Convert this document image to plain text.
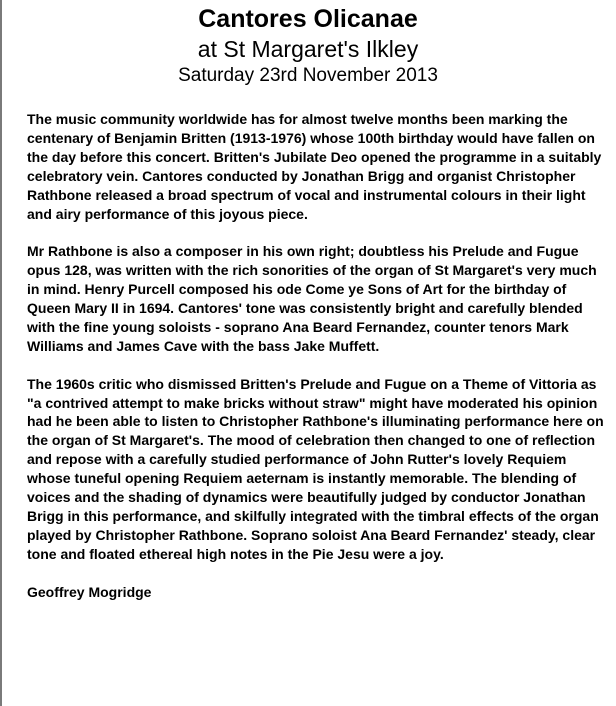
Cantores Olicanae
at St Margaret's Ilkley
Saturday 23rd November 2013

The music community worldwide has for almost twelve months been marking the centenary of Benjamin Britten (1913-1976) whose 100th birthday would have fallen on the day before this concert. Britten's Jubilate Deo opened the programme in a suitably celebratory vein. Cantores conducted by Jonathan Brigg and organist Christopher Rathbone released a broad spectrum of vocal and instrumental colours in their light and airy performance of this joyous piece.

Mr Rathbone is also a composer in his own right; doubtless his Prelude and Fugue opus 128, was written with the rich sonorities of the organ of St Margaret's very much in mind. Henry Purcell composed his ode Come ye Sons of Art for the birthday of Queen Mary II in 1694. Cantores' tone was consistently bright and carefully blended with the fine young soloists - soprano Ana Beard Fernandez, counter tenors Mark Williams and James Cave with the bass Jake Muffett.

The 1960s critic who dismissed Britten's Prelude and Fugue on a Theme of Vittoria as "a contrived attempt to make bricks without straw" might have moderated his opinion had he been able to listen to Christopher Rathbone's illuminating performance here on the organ of St Margaret's. The mood of celebration then changed to one of reflection and repose with a carefully studied performance of John Rutter's lovely Requiem whose tuneful opening Requiem aeternam is instantly memorable. The blending of voices and the shading of dynamics were beautifully judged by conductor Jonathan Brigg in this performance, and skilfully integrated with the timbral effects of the organ played by Christopher Rathbone. Soprano soloist Ana Beard Fernandez' steady, clear tone and floated ethereal high notes in the Pie Jesu were a joy.

Geoffrey Mogridge
